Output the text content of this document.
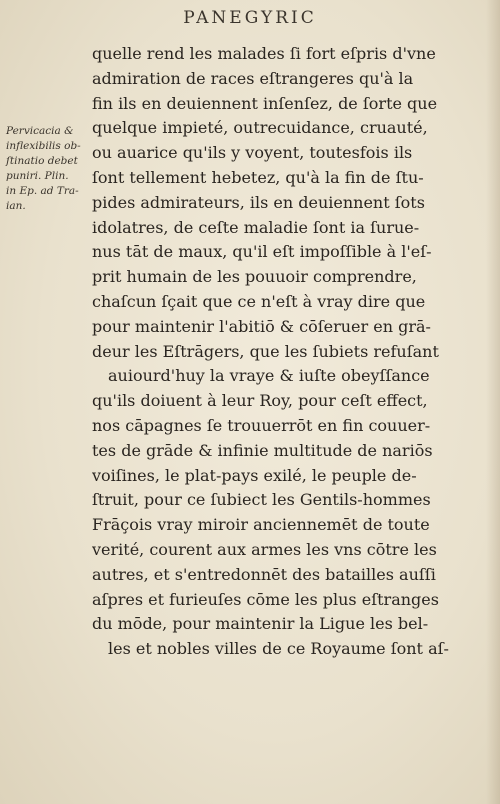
PANEGYRIC
Pervicacia &
inflexibilis ob-
ſtinatio debet
puniri. Plin.
in Ep. ad Tra-
ian.
quelle rend les malades ſi fort eſpris d'vne
admiration de races eſtrangeres qu'à la
fin ils en deuiennent inſenſez, de ſorte que
quelque impieté, outrecuidance, cruauté,
ou auarice qu'ils y voyent, toutesfois ils
ſont tellement hebetez, qu'à la fin de ſtu-
pides admirateurs, ils en deuiennent ſots
idolatres, de ceſte maladie ſont ia ſurue-
nus tāt de maux, qu'il eſt impoſſible à l'eſ-
prit humain de les pouuoir comprendre,
chaſcun ſçait que ce n'eſt à vray dire que
pour maintenir l'abitiō & cōſeruer en grā-
deur les Eſtrāgers, que les ſubiets refuſant
auiourd'huy la vraye & iuſte obeyſſance
qu'ils doiuent à leur Roy, pour ceſt effect,
nos cāpagnes ſe trouuerrōt en fin couuer-
tes de grāde & infinie multitude de nariōs
voiſines, le plat-pays exilé, le peuple de-
ſtruit, pour ce ſubiect les Gentils-hommes
Frāçois vray miroir anciennemēt de toute
verité, courent aux armes les vns cōtre les
autres, et s'entredonnēt des batailles auſſi
aſpres et furieuſes cōme les plus eſtranges
du mōde, pour maintenir la Ligue les bel-
les et nobles villes de ce Royaume ſont aſ-
